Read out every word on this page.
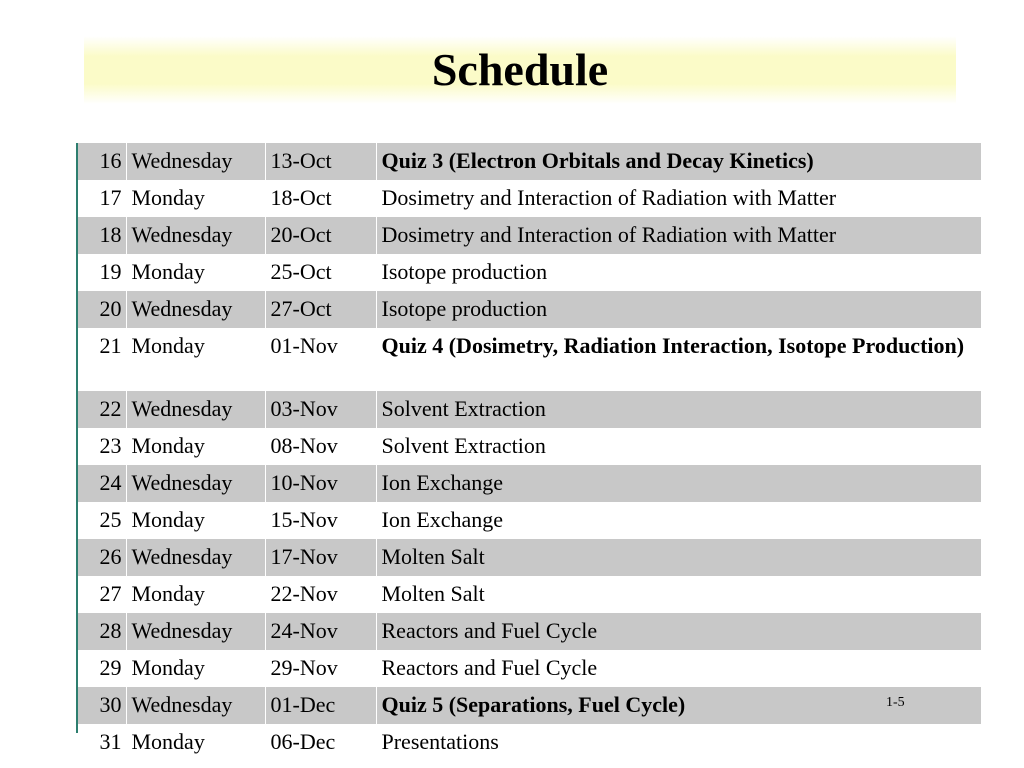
Schedule
16	Wednesday	13-Oct	Quiz 3 (Electron Orbitals and Decay Kinetics)
17	Monday	18-Oct	Dosimetry and Interaction of Radiation with Matter
18	Wednesday	20-Oct	Dosimetry and Interaction of Radiation with Matter
19	Monday	25-Oct	Isotope production
20	Wednesday	27-Oct	Isotope production
21	Monday	01-Nov	Quiz 4 (Dosimetry, Radiation Interaction, Isotope Production)
22	Wednesday	03-Nov	Solvent Extraction
23	Monday	08-Nov	Solvent Extraction
24	Wednesday	10-Nov	Ion Exchange
25	Monday	15-Nov	Ion Exchange
26	Wednesday	17-Nov	Molten Salt
27	Monday	22-Nov	Molten Salt
28	Wednesday	24-Nov	Reactors and Fuel Cycle
29	Monday	29-Nov	Reactors and Fuel Cycle
30	Wednesday	01-Dec	Quiz 5 (Separations, Fuel Cycle)
31	Monday	06-Dec	Presentations
1-5
